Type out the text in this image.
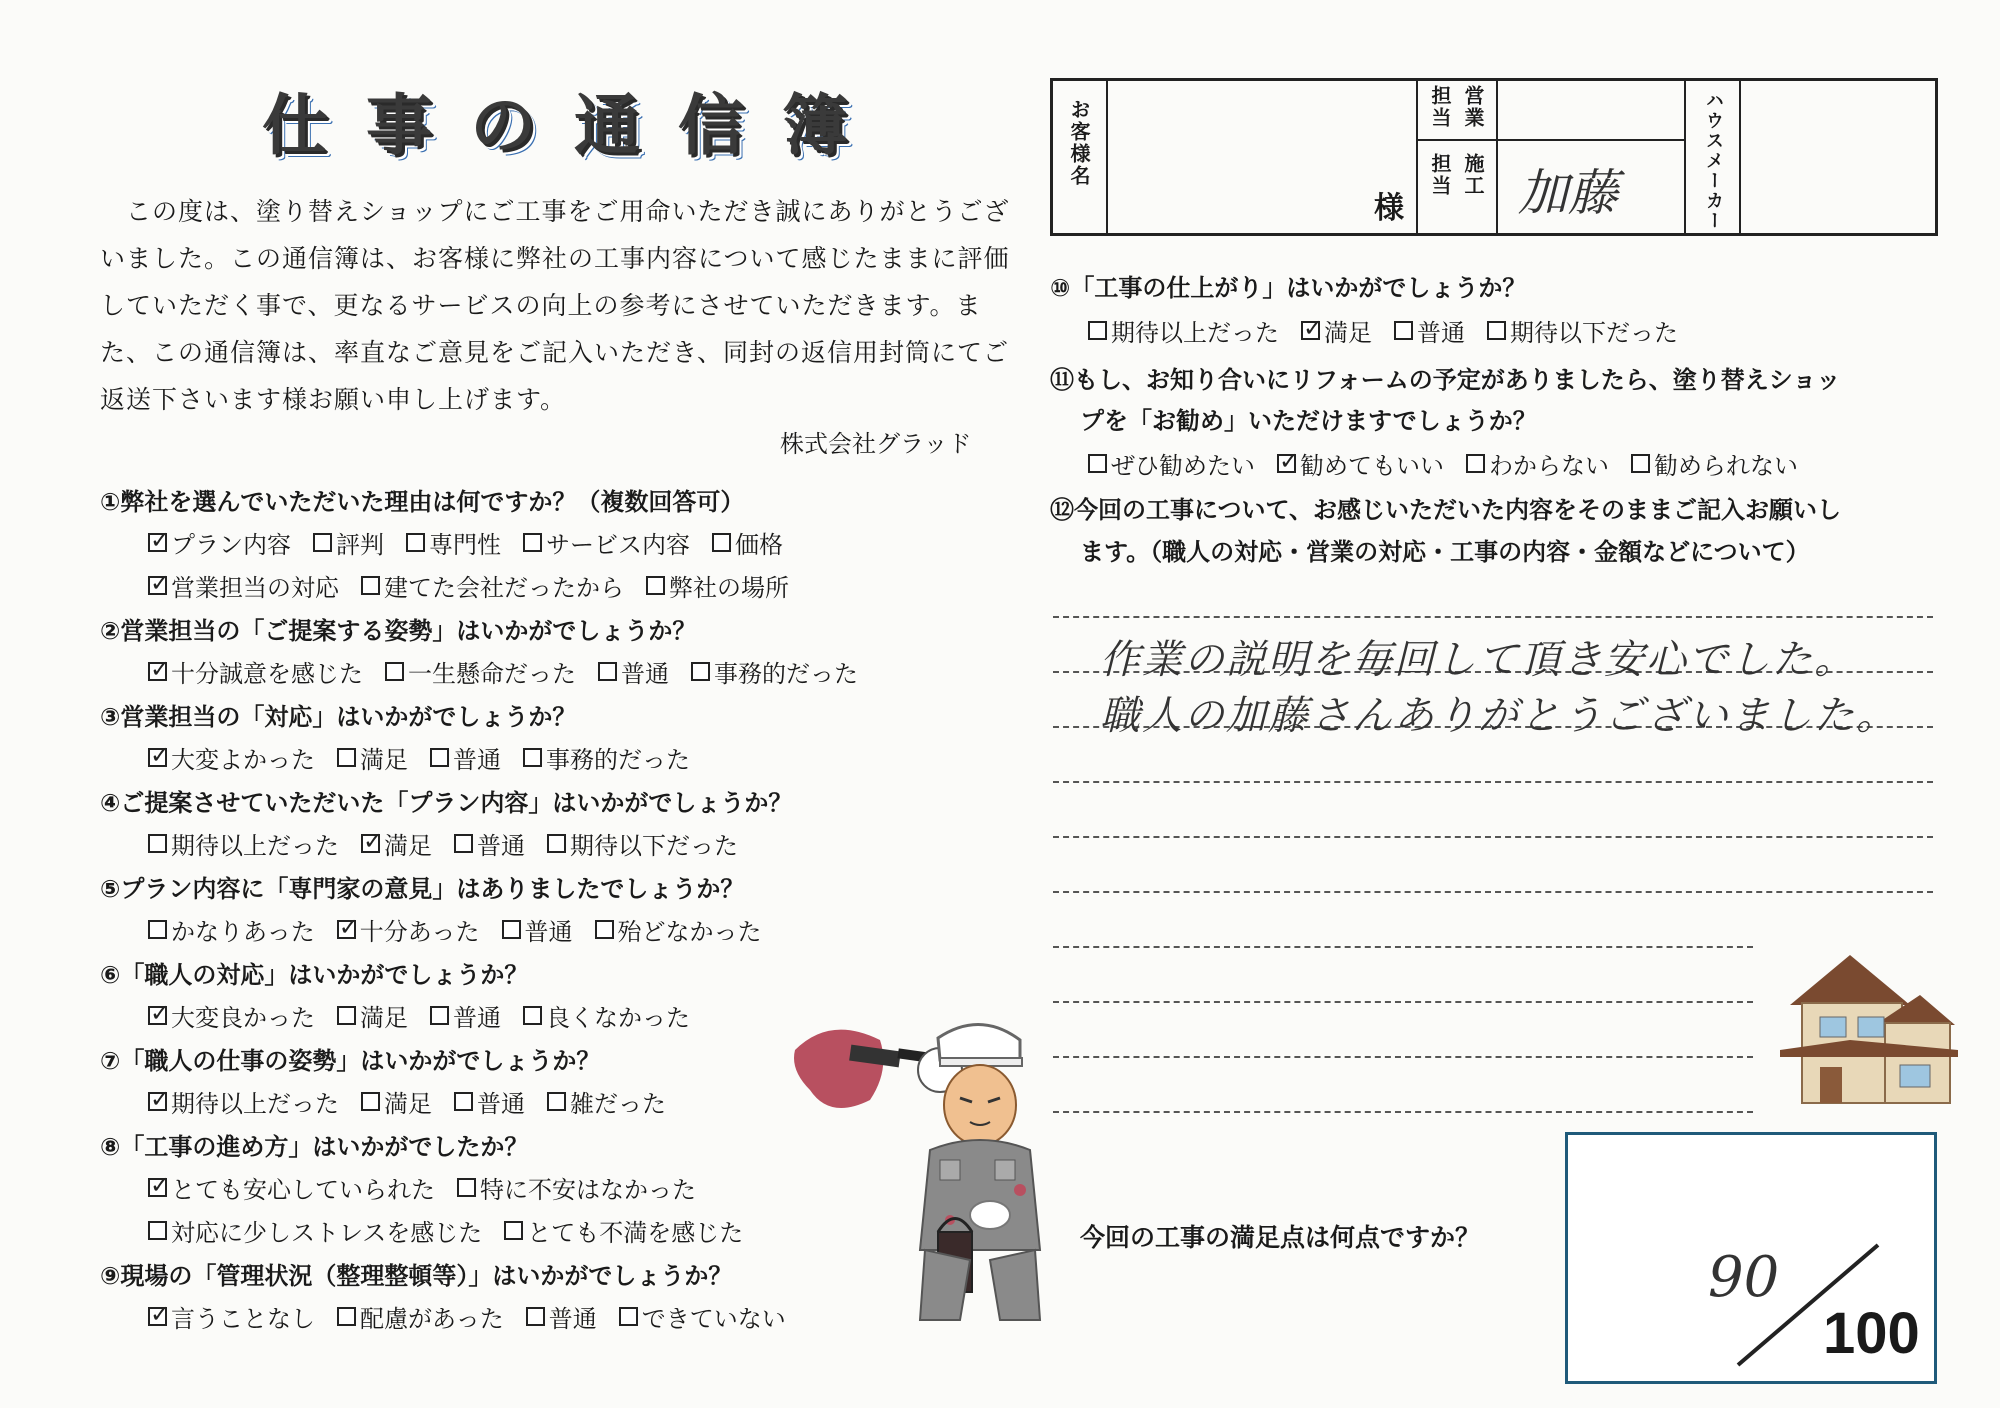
仕事の通信簿
この度は、塗り替えショップにご工事をご用命いただき誠にありがとうございました。この通信簿は、お客様に弊社の工事内容について感じたままに評価していただく事で、更なるサービスの向上の参考にさせていただきます。また、この通信簿は、率直なご意見をご記入いただき、同封の返信用封筒にてご返送下さいます様お願い申し上げます。
株式会社グラッド
①弊社を選んでいただいた理由は何ですか？（複数回答可）
✓
プラン内容 評判 専門性 サービス内容 価格
✓
営業担当の対応 建てた会社だったから 弊社の場所
②営業担当の「ご提案する姿勢」はいかがでしょうか？
✓
十分誠意を感じた 一生懸命だった 普通 事務的だった
③営業担当の「対応」はいかがでしょうか？
✓
大変よかった 満足 普通 事務的だった
④ご提案させていただいた「プラン内容」はいかがでしょうか？
期待以上だった ✓ 満足 普通 期待以下だった
⑤プラン内容に「専門家の意見」はありましたでしょうか？
かなりあった ✓ 十分あった 普通 殆どなかった
⑥「職人の対応」はいかがでしょうか？
✓
大変良かった 満足 普通 良くなかった
⑦「職人の仕事の姿勢」はいかがでしょうか？
✓
期待以上だった 満足 普通 雑だった
⑧「工事の進め方」はいかがでしたか？
✓
とても安心していられた 特に不安はなかった
対応に少しストレスを感じた とても不満を感じた
⑨現場の「管理状況（整理整頓等）」はいかがでしょうか？
✓
言うことなし 配慮があった 普通 できていない
お客様名
様
担当 営業
担当 施工 加藤	ハウスメーカー
⑩「工事の仕上がり」はいかがでしょうか？
期待以上だった ✓ 満足 普通 期待以下だった
⑪もし、お知り合いにリフォームの予定がありましたら、塗り替えショッ
プを「お勧め」いただけますでしょうか？
ぜひ勧めたい ✓ 勧めてもいい わからない 勧められない
⑫今回の工事について、お感じいただいた内容をそのままご記入お願いし
ます。（職人の対応・営業の対応・工事の内容・金額などについて）
作業の説明を毎回して頂き安心でした。
職人の加藤さんありがとうございました。
今回の工事の満足点は何点ですか？
90
100
